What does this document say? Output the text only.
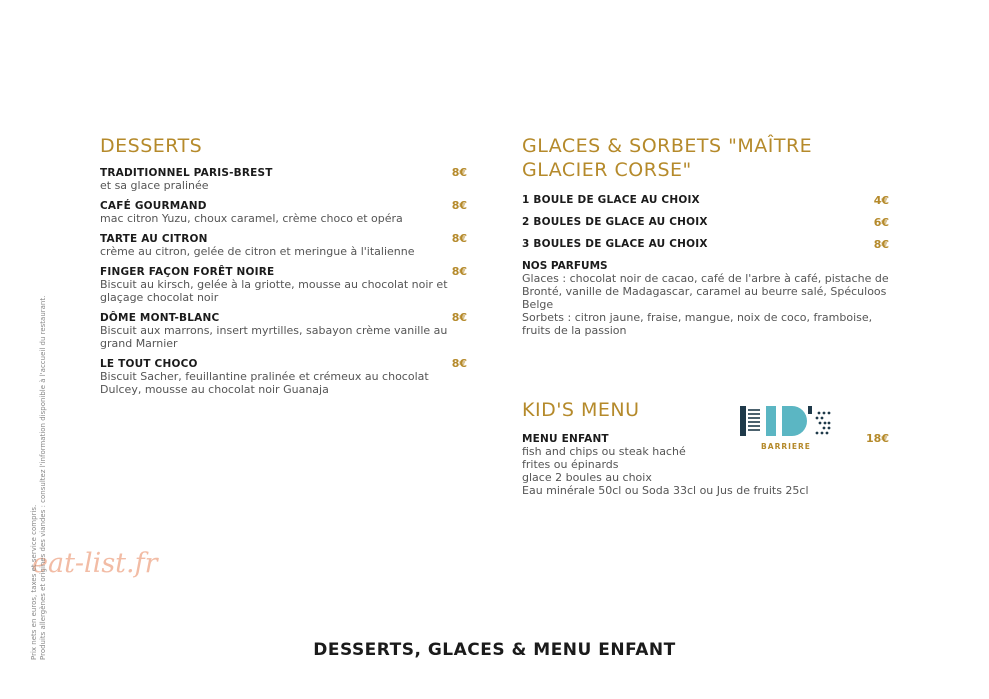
DESSERTS
TRADITIONNEL PARIS-BREST	8€
et sa glace pralinée
CAFÉ GOURMAND	8€
mac citron Yuzu, choux caramel, crème choco et opéra
TARTE AU CITRON	8€
crème au citron, gelée de citron et meringue à l'italienne
FINGER FAÇON FORÊT NOIRE	8€
Biscuit au kirsch, gelée à la griotte, mousse au chocolat noir et glaçage chocolat noir
DÔME MONT-BLANC	8€
Biscuit aux marrons, insert myrtilles, sabayon crème vanille au grand Marnier
LE TOUT CHOCO	8€
Biscuit Sacher, feuillantine pralinée et crémeux au chocolat Dulcey, mousse au chocolat noir Guanaja
GLACES & SORBETS "MAÎTRE GLACIER CORSE"
1 BOULE DE GLACE AU CHOIX	4€
2 BOULES DE GLACE AU CHOIX	6€
3 BOULES DE GLACE AU CHOIX	8€
NOS PARFUMS
Glaces : chocolat noir de cacao, café de l'arbre à café, pistache de Bronté, vanille de Madagascar, caramel au beurre salé, Spéculoos Belge
Sorbets : citron jaune, fraise, mangue, noix de coco, framboise, fruits de la passion
KID'S MENU
MENU ENFANT	18€
fish and chips ou steak haché
frites ou épinards
glace 2 boules au choix
Eau minérale 50cl ou Soda 33cl ou Jus de fruits 25cl
BARRIERE
eat-list.fr
Prix nets en euros, taxes et service compris. Produits allergènes et origines des viandes : consultez l'information disponible à l'accueil du restaurant.	DESSERTS, GLACES & MENU ENFANT
